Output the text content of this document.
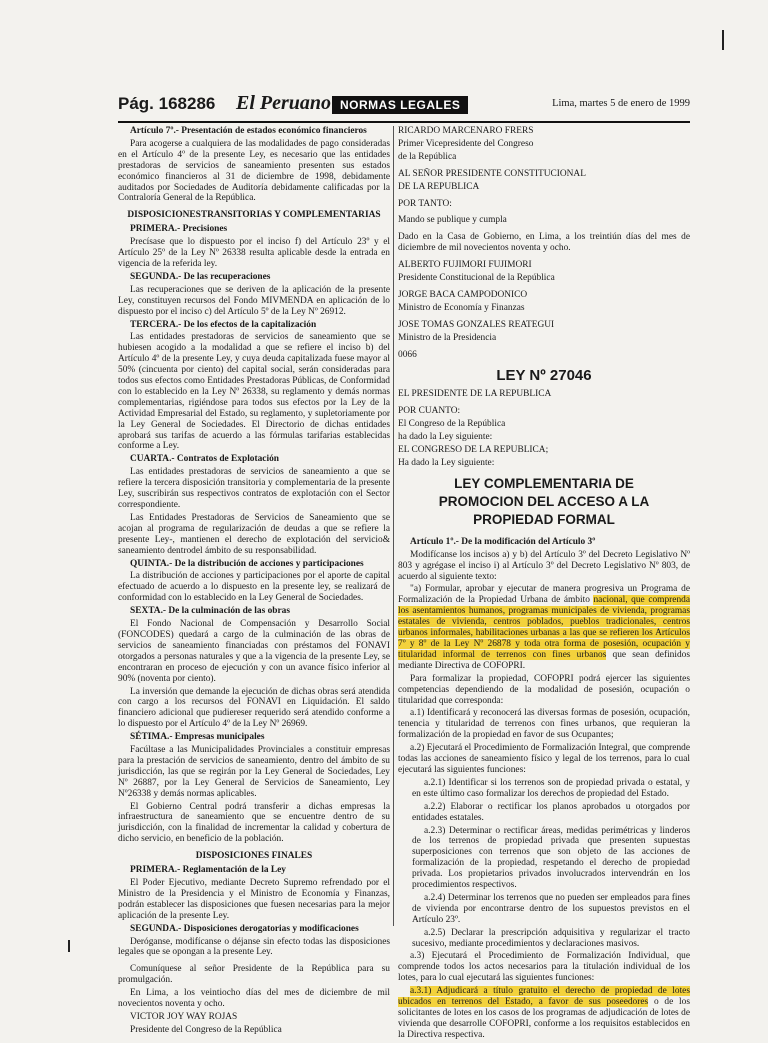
Pág. 168286 El Peruano NORMAS LEGALES	Lima, martes 5 de enero de 1999

Artículo 7º.- Presentación de estados económico financieros

Para acogerse a cualquiera de las modalidades de pago consideradas en el Artículo 4º de la presente Ley, es necesario que las entidades prestadoras de servicios de saneamiento presenten sus estados económico financieros al 31 de diciembre de 1998, debidamente auditados por Sociedades de Auditoría debidamente calificadas por la Contraloría General de la República.

DISPOSICIONESTRANSITORIAS Y COMPLEMENTARIAS

PRIMERA.- Precisiones

Precísase que lo dispuesto por el inciso f) del Artículo 23º y el Artículo 25º de la Ley Nº 26338 resulta aplicable desde la entrada en vigencia de la referida ley.

SEGUNDA.- De las recuperaciones

Las recuperaciones que se deriven de la aplicación de la presente Ley, constituyen recursos del Fondo MIVMENDA en aplicación de lo dispuesto por el inciso c) del Artículo 5º de la Ley Nº 26912.

TERCERA.- De los efectos de la capitalización

Las entidades prestadoras de servicios de saneamiento que se hubiesen acogido a la modalidad a que se refiere el inciso b) del Artículo 4º de la presente Ley, y cuya deuda capitalizada fuese mayor al 50% (cincuenta por ciento) del capital social, serán consideradas para todos sus efectos como Entidades Prestadoras Públicas, de Conformidad con lo establecido en la Ley Nº 26338, su reglamento y demás normas complementarias, rigiéndose para todos sus efectos por la Ley de la Actividad Empresarial del Estado, su reglamento, y supletoriamente por la Ley General de Sociedades. El Directorio de dichas entidades aprobará sus tarifas de acuerdo a las fórmulas tarifarias establecidas conforme a Ley.

CUARTA.- Contratos de Explotación

Las entidades prestadoras de servicios de saneamiento a que se refiere la tercera disposición transitoria y complementaria de la presente Ley, suscribirán sus respectivos contratos de explotación con el Sector correspondiente.

Las Entidades Prestadoras de Servicios de Saneamiento que se acojan al programa de regularización de deudas a que se refiere la presente Ley-, mantienen el derecho de explotación del servicio& saneamiento dentrodel ámbito de su responsabilidad.

QUINTA.- De la distribución de acciones y participaciones

La distribución de acciones y participaciones por el aporte de capital efectuado de acuerdo a lo dispuesto en la presente ley, se realizará de conformidad con lo establecido en la Ley General de Sociedades.

SEXTA.- De la culminación de las obras

El Fondo Nacional de Compensación y Desarrollo Social (FONCODES) quedará a cargo de la culminación de las obras de servicios de saneamiento financiadas con préstamos del FONAVI otorgados a personas naturales y que a la vigencia de la presente Ley, se encontraran en proceso de ejecución y con un avance físico inferior al 90% (noventa por ciento).

La inversión que demande la ejecución de dichas obras será atendida con cargo a los recursos del FONAVI en Liquidación. El saldo financiero adicional que pudiereser requerido será atendido conforme a lo dispuesto por el Artículo 4º de la Ley Nº 26969.

SÉTIMA.- Empresas municipales

Facúltase a las Municipalidades Provinciales a constituir empresas para la prestación de servicios de saneamiento, dentro del ámbito de su jurisdicción, las que se regirán por la Ley General de Sociedades, Ley Nº 26887, por la Ley General de Servicios de Saneamiento, Ley Nº26338 y demás normas aplicables.

El Gobierno Central podrá transferir a dichas empresas la infraestructura de saneamiento que se encuentre dentro de su jurisdicción, con la finalidad de incrementar la calidad y cobertura de dicho servicio, en beneficio de la población.

DISPOSICIONES FINALES

PRIMERA.- Reglamentación de la Ley

El Poder Ejecutivo, mediante Decreto Supremo refrendado por el Ministro de la Presidencia y el Ministro de Economía y Finanzas, podrán establecer las disposiciones que fuesen necesarias para la mejor aplicación de la presente Ley.

SEGUNDA.- Disposiciones derogatorias y modificaciones

Deróganse, modifícanse o déjanse sin efecto todas las disposiciones legales que se opongan a la presente Ley.

Comuníquese al señor Presidente de la República para su promulgación.

En Lima, a los veintiocho días del mes de diciembre de mil novecientos noventa y ocho.

VICTOR JOY WAY ROJAS

Presidente del Congreso de la República

RICARDO MARCENARO FRERS

Primer Vicepresidente del Congreso

de la República

AL SEÑOR PRESIDENTE CONSTITUCIONAL

DE LA REPUBLICA

POR TANTO:

Mando se publique y cumpla

Dado en la Casa de Gobierno, en Lima, a los treintiún días del mes de diciembre de mil novecientos noventa y ocho.

ALBERTO FUJIMORI FUJIMORI

Presidente Constitucional de la República

JORGE BACA CAMPODONICO

Ministro de Economía y Finanzas

JOSE TOMAS GONZALES REATEGUI

Ministro de la Presidencia

0066

LEY Nº 27046

EL PRESIDENTE DE LA REPUBLICA

POR CUANTO:

El Congreso de la República

ha dado la Ley siguiente:

EL CONGRESO DE LA REPUBLICA;

Ha dado la Ley siguiente:

LEY COMPLEMENTARIA DE
PROMOCION DEL ACCESO A LA
PROPIEDAD FORMAL

Artículo 1º.- De la modificación del Artículo 3º

Modifícanse los incisos a) y b) del Artículo 3º del Decreto Legislativo Nº 803 y agrégase el inciso i) al Artículo 3º del Decreto Legislativo Nº 803, de acuerdo al siguiente texto:

"a) Formular, aprobar y ejecutar de manera progresiva un Programa de Formalización de la Propiedad Urbana de ámbito nacional, que comprenda los asentamientos humanos, programas municipales de vivienda, programas estatales de vivienda, centros poblados, pueblos tradicionales, centros urbanos informales, habilitaciones urbanas a las que se refieren los Artículos 7º y 8º de la Ley Nº 26878 y toda otra forma de posesión, ocupación y titularidad informal de terrenos con fines urbanos que sean definidos mediante Directiva de COFOPRI.

Para formalizar la propiedad, COFOPRI podrá ejercer las siguientes competencias dependiendo de la modalidad de posesión, ocupación o titularidad que corresponda:

a.1) Identificará y reconocerá las diversas formas de posesión, ocupación, tenencia y titularidad de terrenos con fines urbanos, que requieran la formalización de la propiedad en favor de sus Ocupantes;

a.2) Ejecutará el Procedimiento de Formalización Integral, que comprende todas las acciones de saneamiento físico y legal de los terrenos, para lo cual ejecutará las siguientes funciones:

a.2.1) Identificar si los terrenos son de propiedad privada o estatal, y en este último caso formalizar los derechos de propiedad del Estado.

a.2.2) Elaborar o rectificar los planos aprobados u otorgados por entidades estatales.

a.2.3) Determinar o rectificar áreas, medidas perimétricas y linderos de los terrenos de propiedad privada que presenten supuestas superposiciones con terrenos que son objeto de las acciones de formalización de la propiedad, respetando el derecho de propiedad privada. Los propietarios privados involucrados intervendrán en los procedimientos respectivos.

a.2.4) Determinar los terrenos que no pueden ser empleados para fines de vivienda por encontrarse dentro de los supuestos previstos en el Artículo 23º.

a.2.5) Declarar la prescripción adquisitiva y regularizar el tracto sucesivo, mediante procedimientos y declaraciones masivos.

a.3) Ejecutará el Procedimiento de Formalización Individual, que comprende todos los actos necesarios para la titulación individual de los lotes, para lo cual ejecutará las siguientes funciones:

a.3.1) Adjudicará a título gratuito el derecho de propiedad de lotes ubicados en terrenos del Estado, a favor de sus poseedores o de los solicitantes de lotes en los casos de los programas de adjudicación de lotes de vivienda que desarrolle COFOPRI, conforme a los requisitos establecidos en la Directiva respectiva.
